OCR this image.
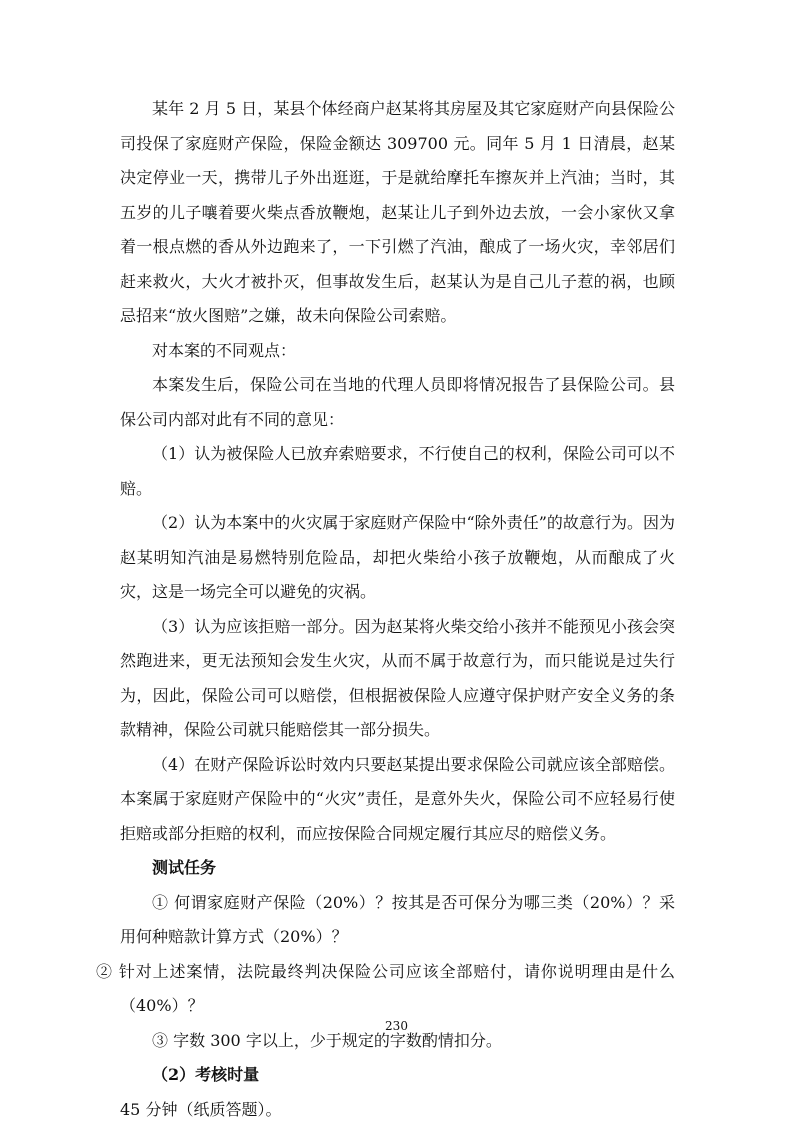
某年 2 月 5 日，某县个体经商户赵某将其房屋及其它家庭财产向县保险公司投保了家庭财产保险，保险金额达 309700 元。同年 5 月 1 日清晨，赵某决定停业一天，携带儿子外出逛逛，于是就给摩托车擦灰并上汽油；当时，其五岁的儿子嚷着要火柴点香放鞭炮，赵某让儿子到外边去放，一会小家伙又拿着一根点燃的香从外边跑来了，一下引燃了汽油，酿成了一场火灾，幸邻居们赶来救火，大火才被扑灭，但事故发生后，赵某认为是自己儿子惹的祸，也顾忌招来“放火图赔”之嫌，故未向保险公司索赔。

对本案的不同观点：

本案发生后，保险公司在当地的代理人员即将情况报告了县保险公司。县保公司内部对此有不同的意见：

（1）认为被保险人已放弃索赔要求，不行使自己的权利，保险公司可以不赔。

（2）认为本案中的火灾属于家庭财产保险中“除外责任”的故意行为。因为赵某明知汽油是易燃特别危险品，却把火柴给小孩子放鞭炮，从而酿成了火灾，这是一场完全可以避免的灾祸。

（3）认为应该拒赔一部分。因为赵某将火柴交给小孩并不能预见小孩会突然跑进来，更无法预知会发生火灾，从而不属于故意行为，而只能说是过失行为，因此，保险公司可以赔偿，但根据被保险人应遵守保护财产安全义务的条款精神，保险公司就只能赔偿其一部分损失。

（4）在财产保险诉讼时效内只要赵某提出要求保险公司就应该全部赔偿。本案属于家庭财产保险中的“火灾”责任，是意外失火，保险公司不应轻易行使拒赔或部分拒赔的权利，而应按保险合同规定履行其应尽的赔偿义务。

测试任务

① 何谓家庭财产保险（20%）？按其是否可保分为哪三类（20%）？采用何种赔款计算方式（20%）？

② 针对上述案情，法院最终判决保险公司应该全部赔付，请你说明理由是什么（40%）？

③ 字数 300 字以上，少于规定的字数酌情扣分。

（2）考核时量

45 分钟（纸质答题）。

230
